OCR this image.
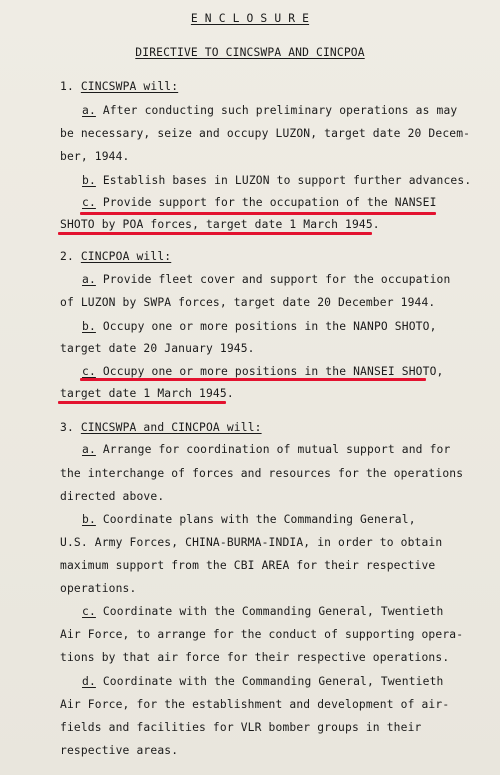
E N C L O S U R E
DIRECTIVE TO CINCSWPA AND CINCPOA
1. CINCSWPA will:
a. After conducting such preliminary operations as may
be necessary, seize and occupy LUZON, target date 20 Decem-
ber, 1944.
b. Establish bases in LUZON to support further advances.
c. Provide support for the occupation of the NANSEI
SHOTO by POA forces, target date 1 March 1945.
2. CINCPOA will:
a. Provide fleet cover and support for the occupation
of LUZON by SWPA forces, target date 20 December 1944.
b. Occupy one or more positions in the NANPO SHOTO,
target date 20 January 1945.
c. Occupy one or more positions in the NANSEI SHOTO,
target date 1 March 1945.
3. CINCSWPA and CINCPOA will:
a. Arrange for coordination of mutual support and for
the interchange of forces and resources for the operations
directed above.
b. Coordinate plans with the Commanding General,
U.S. Army Forces, CHINA-BURMA-INDIA, in order to obtain
maximum support from the CBI AREA for their respective
operations.
c. Coordinate with the Commanding General, Twentieth
Air Force, to arrange for the conduct of supporting opera-
tions by that air force for their respective operations.
d. Coordinate with the Commanding General, Twentieth
Air Force, for the establishment and development of air-
fields and facilities for VLR bomber groups in their
respective areas.
